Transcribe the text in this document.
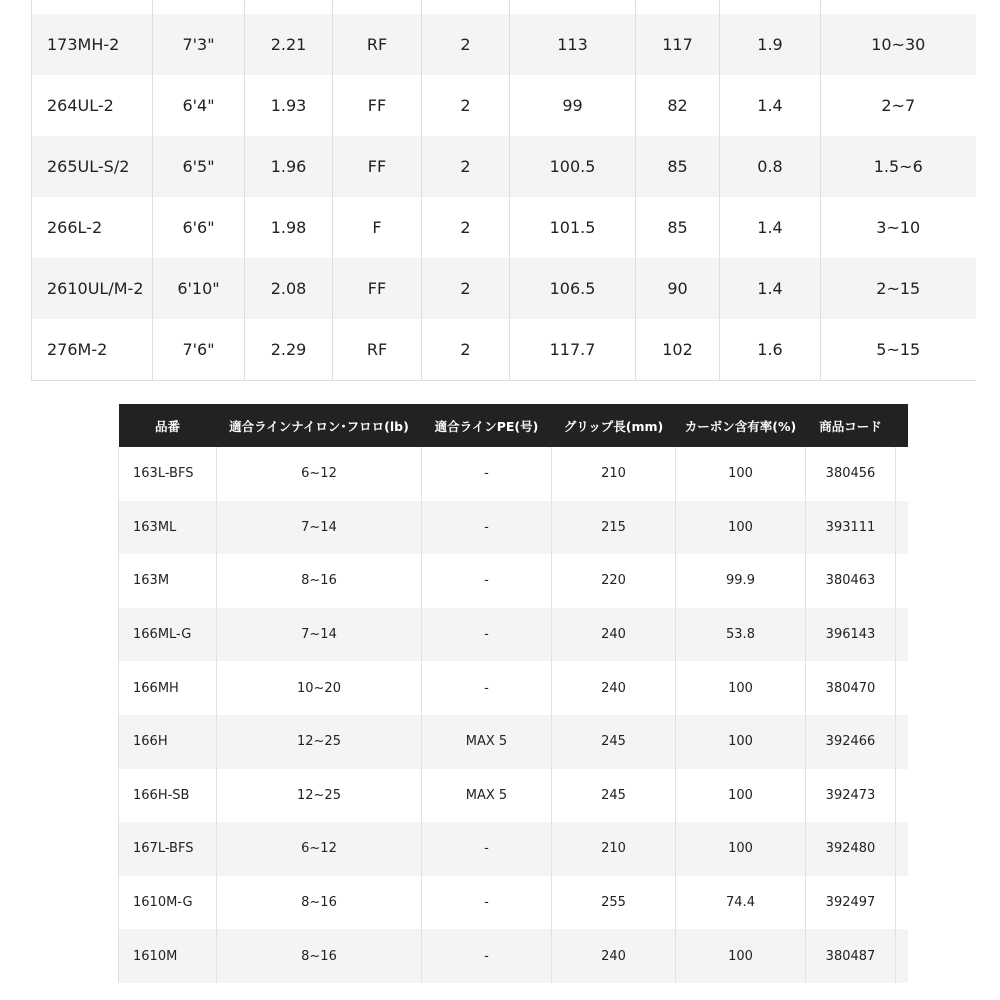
173MH-2	7'3"	2.21	RF	2	113	117	1.9	10~30
264UL-2	6'4"	1.93	FF	2	99	82	1.4	2~7
265UL-S/2	6'5"	1.96	FF	2	100.5	85	0.8	1.5~6
266L-2	6'6"	1.98	F	2	101.5	85	1.4	3~10
2610UL/M-2	6'10"	2.08	FF	2	106.5	90	1.4	2~15
276M-2	7'6"	2.29	RF	2	117.7	102	1.6	5~15
品番	適合ラインナイロン･フロロ(lb)	適合ラインPE(号)	グリップ長(mm)	カーボン含有率(%)	商品コード	
163L-BFS	6~12	-	210	100	380456	
163ML	7~14	-	215	100	393111	
163M	8~16	-	220	99.9	380463	
166ML-G	7~14	-	240	53.8	396143	
166MH	10~20	-	240	100	380470	
166H	12~25	MAX 5	245	100	392466	
166H-SB	12~25	MAX 5	245	100	392473	
167L-BFS	6~12	-	210	100	392480	
1610M-G	8~16	-	255	74.4	392497	
1610M	8~16	-	240	100	380487	
